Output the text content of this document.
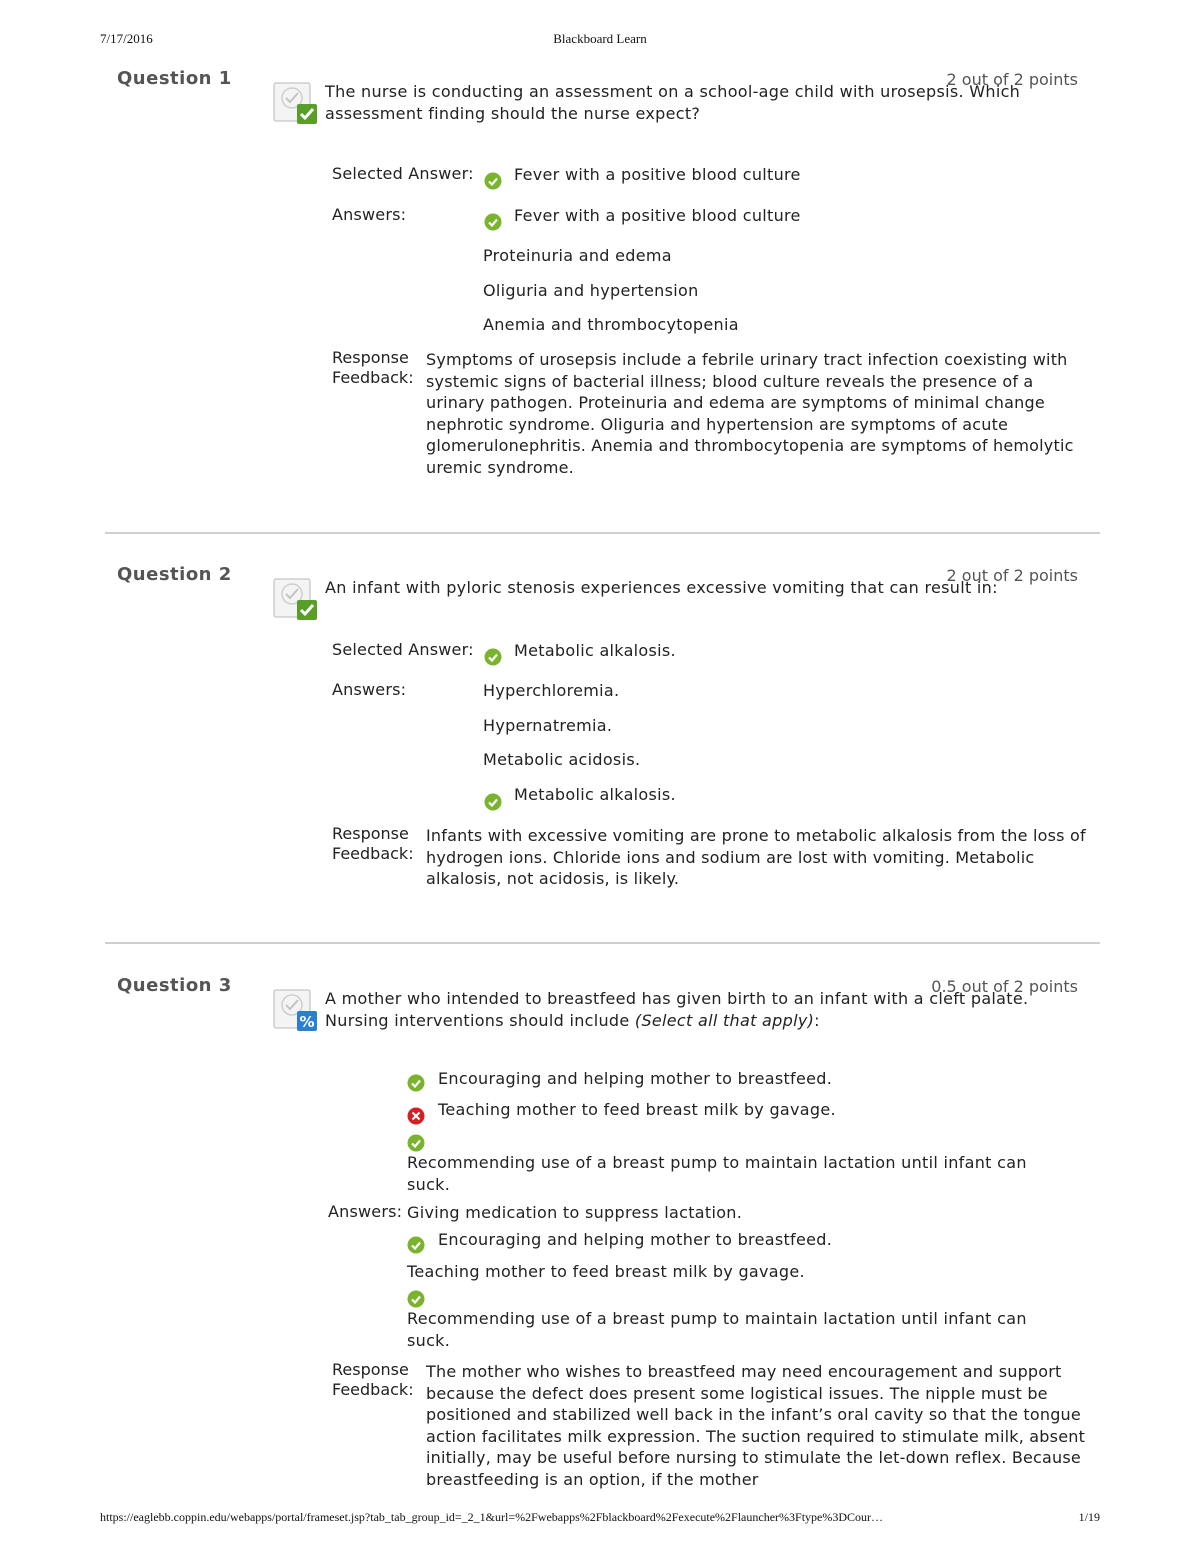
7/17/2016	Blackboard Learn
Question 1	2 out of 2 points
The nurse is conducting an assessment on a school-age child with urosepsis. Which assessment finding should the nurse expect?
Selected Answer:	Fever with a positive blood culture
Answers:	Fever with a positive blood culture
Proteinuria and edema
Oliguria and hypertension
Anemia and thrombocytopenia
Response
Feedback:
Symptoms of urosepsis include a febrile urinary tract infection coexisting with systemic signs of bacterial illness; blood culture reveals the presence of a urinary pathogen. Proteinuria and edema are symptoms of minimal change nephrotic syndrome. Oliguria and hypertension are symptoms of acute glomerulonephritis. Anemia and thrombocytopenia are symptoms of hemolytic uremic syndrome.
Question 2	2 out of 2 points
An infant with pyloric stenosis experiences excessive vomiting that can result in:
Selected Answer:	Metabolic alkalosis.
Answers:	Hyperchloremia.
Hypernatremia.
Metabolic acidosis.
Metabolic alkalosis.
Response
Feedback:
Infants with excessive vomiting are prone to metabolic alkalosis from the loss of hydrogen ions. Chloride ions and sodium are lost with vomiting. Metabolic alkalosis, not acidosis, is likely.
Question 3	0.5 out of 2 points
%
A mother who intended to breastfeed has given birth to an infant with a cleft palate. Nursing interventions should include (Select all that apply):
Encouraging and helping mother to breastfeed.
Teaching mother to feed breast milk by gavage.
Recommending use of a breast pump to maintain lactation until infant can suck.
Answers: Giving medication to suppress lactation.
Encouraging and helping mother to breastfeed.
Teaching mother to feed breast milk by gavage.
Recommending use of a breast pump to maintain lactation until infant can suck.
Response
Feedback:
The mother who wishes to breastfeed may need encouragement and support because the defect does present some logistical issues. The nipple must be positioned and stabilized well back in the infant’s oral cavity so that the tongue action facilitates milk expression. The suction required to stimulate milk, absent initially, may be useful before nursing to stimulate the let-down reflex. Because breastfeeding is an option, if the mother
https://eaglebb.coppin.edu/webapps/portal/frameset.jsp?tab_tab_group_id=_2_1&url=%2Fwebapps%2Fblackboard%2Fexecute%2Flauncher%3Ftype%3DCour…	1/19
